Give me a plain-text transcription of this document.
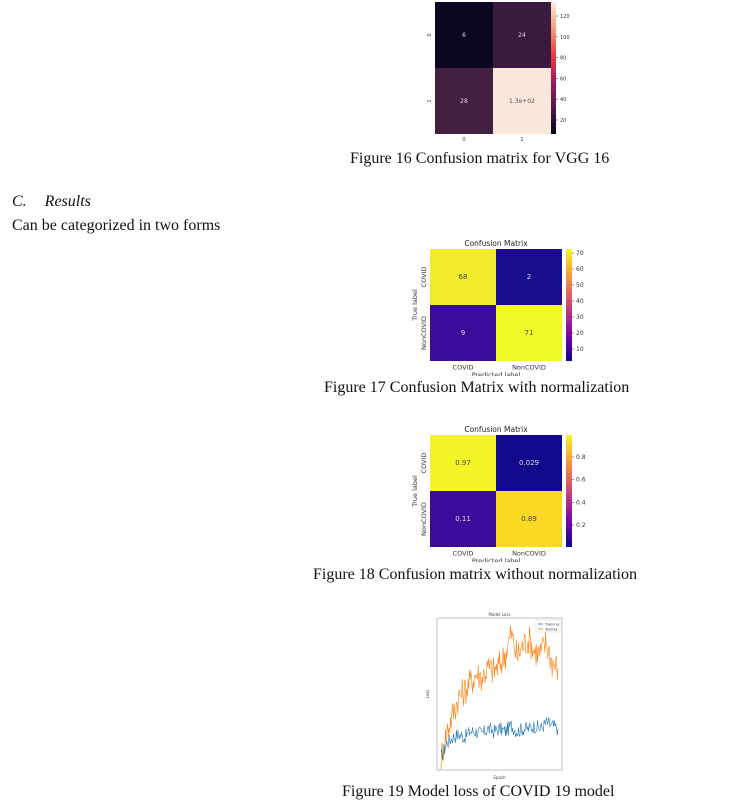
6	24
28	1.3e+02
0	1
0
1
120
100
80
60
40
20
Figure 16 Confusion matrix for VGG 16
C. Results
Can be categorized in two forms
Confusion Matrix
68	2
9	71
COVID	NonCOVID
COVID
NonCOVID
Predicted label
True label
70
60
50
40
30
20
10
Figure 17 Confusion Matrix with normalization
Confusion Matrix
0.97	0.029
0.11	0.89
COVID	NonCOVID
COVID
NonCOVID
Predicted label
True label
0.8
0.6
0.4
0.2
Figure 18 Confusion matrix without normalization
Model Loss
Epoch
Loss
Training
Testing
Figure 19 Model loss of COVID 19 model
